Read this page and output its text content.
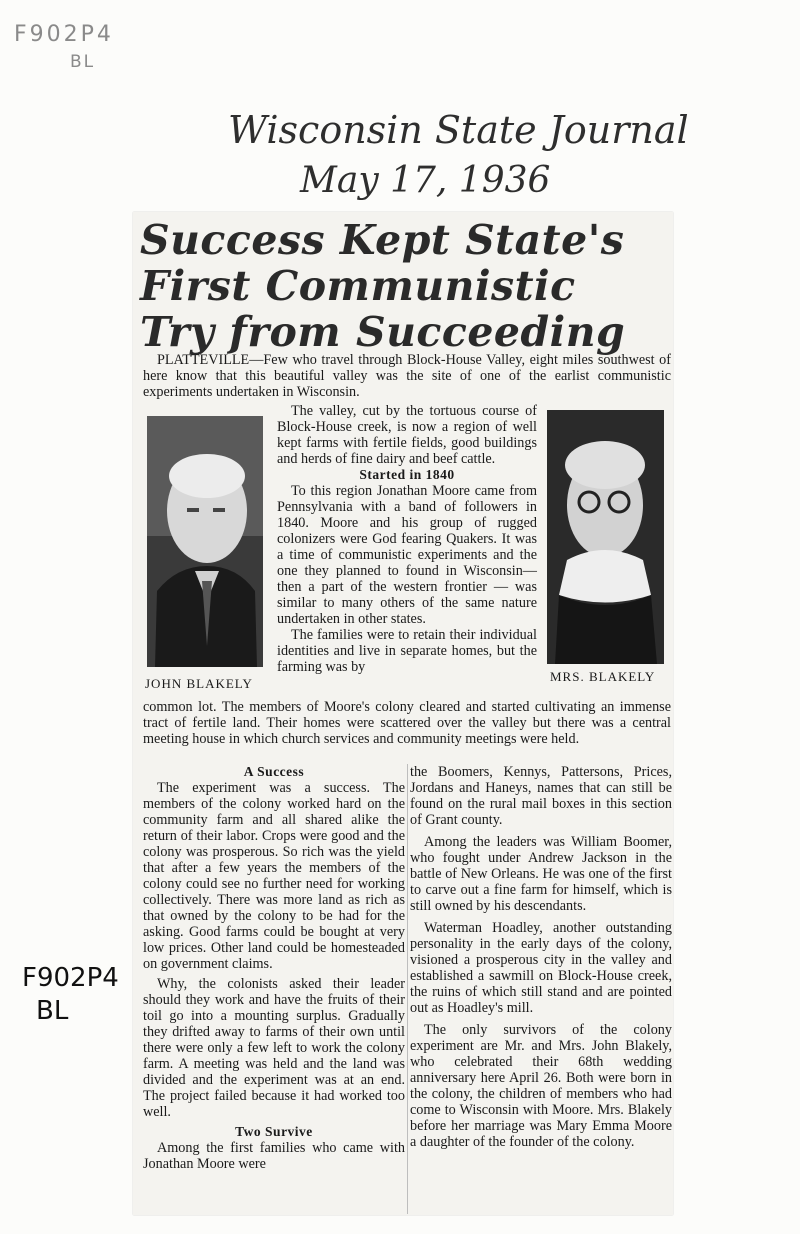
F902P4
BL
Wisconsin State Journal
May 17, 1936
F902P4
BL
Success Kept State's
First Communistic
Try from Succeeding
PLATTEVILLE—Few who travel through Block-House Valley, eight miles southwest of here know that this beautiful valley was the site of one of the earlist communistic experiments undertaken in Wisconsin.
JOHN BLAKELY	MRS. BLAKELY
The valley, cut by the tortuous course of Block-House creek, is now a region of well kept farms with fertile fields, good buildings and herds of fine dairy and beef cattle.
Started in 1840
To this region Jonathan Moore came from Pennsylvania with a band of followers in 1840. Moore and his group of rugged colonizers were God fearing Quakers. It was a time of communistic experiments and the one they planned to found in Wisconsin—then a part of the western frontier — was similar to many others of the same nature undertaken in other states.
The families were to retain their individual identities and live in separate homes, but the farming was by
common lot. The members of Moore's colony cleared and started cultivating an immense tract of fertile land. Their homes were scattered over the valley but there was a central meeting house in which church services and community meetings were held.
A Success
The experiment was a success. The members of the colony worked hard on the community farm and all shared alike the return of their labor. Crops were good and the colony was prosperous. So rich was the yield that after a few years the members of the colony could see no further need for working collectively. There was more land as rich as that owned by the colony to be had for the asking. Good farms could be bought at very low prices. Other land could be homesteaded on government claims.
Why, the colonists asked their leader should they work and have the fruits of their toil go into a mounting surplus. Gradually they drifted away to farms of their own until there were only a few left to work the colony farm. A meeting was held and the land was divided and the experiment was at an end. The project failed because it had worked too well.
Two Survive
Among the first families who came with Jonathan Moore were
the Boomers, Kennys, Pattersons, Prices, Jordans and Haneys, names that can still be found on the rural mail boxes in this section of Grant county.
Among the leaders was William Boomer, who fought under Andrew Jackson in the battle of New Orleans. He was one of the first to carve out a fine farm for himself, which is still owned by his descendants.
Waterman Hoadley, another outstanding personality in the early days of the colony, visioned a prosperous city in the valley and established a sawmill on Block-House creek, the ruins of which still stand and are pointed out as Hoadley's mill.
The only survivors of the colony experiment are Mr. and Mrs. John Blakely, who celebrated their 68th wedding anniversary here April 26. Both were born in the colony, the children of members who had come to Wisconsin with Moore. Mrs. Blakely before her marriage was Mary Emma Moore a daughter of the founder of the colony.
